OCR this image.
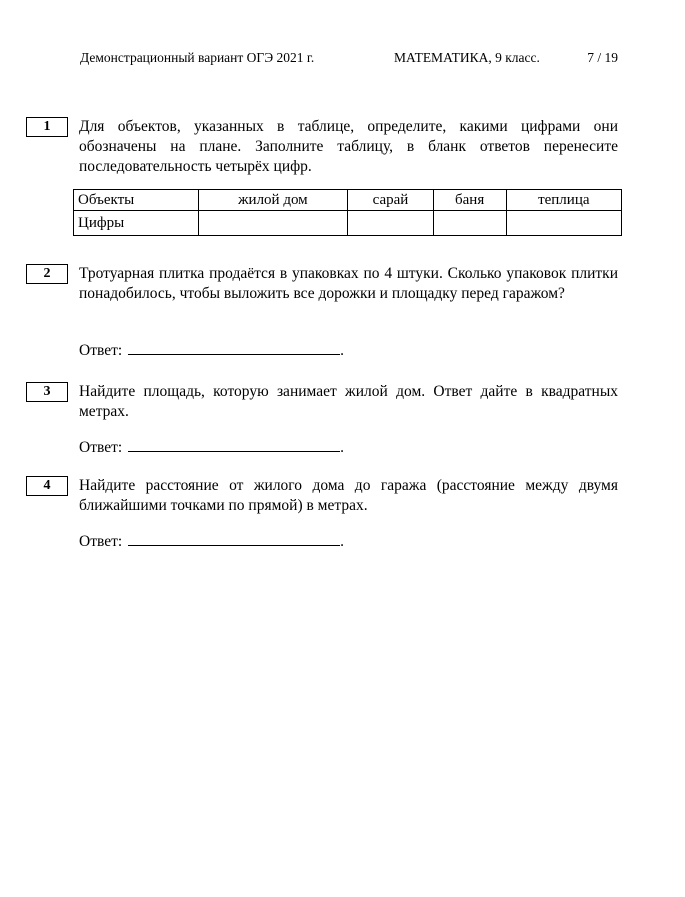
Демонстрационный вариант ОГЭ 2021 г.	МАТЕМАТИКА, 9 класс.	7 / 19
1	Для объектов, указанных в таблице, определите, какими цифрами они обозначены на плане. Заполните таблицу, в бланк ответов перенесите последовательность четырёх цифр.
Объекты	жилой дом	сарай	баня	теплица
Цифры				
2	Тротуарная плитка продаётся в упаковках по 4 штуки. Сколько упаковок плитки понадобилось, чтобы выложить все дорожки и площадку перед гаражом?
Ответ:	.
3	Найдите площадь, которую занимает жилой дом. Ответ дайте в квадратных метрах.
Ответ:	.
4	Найдите расстояние от жилого дома до гаража (расстояние между двумя ближайшими точками по прямой) в метрах.
Ответ:	.
